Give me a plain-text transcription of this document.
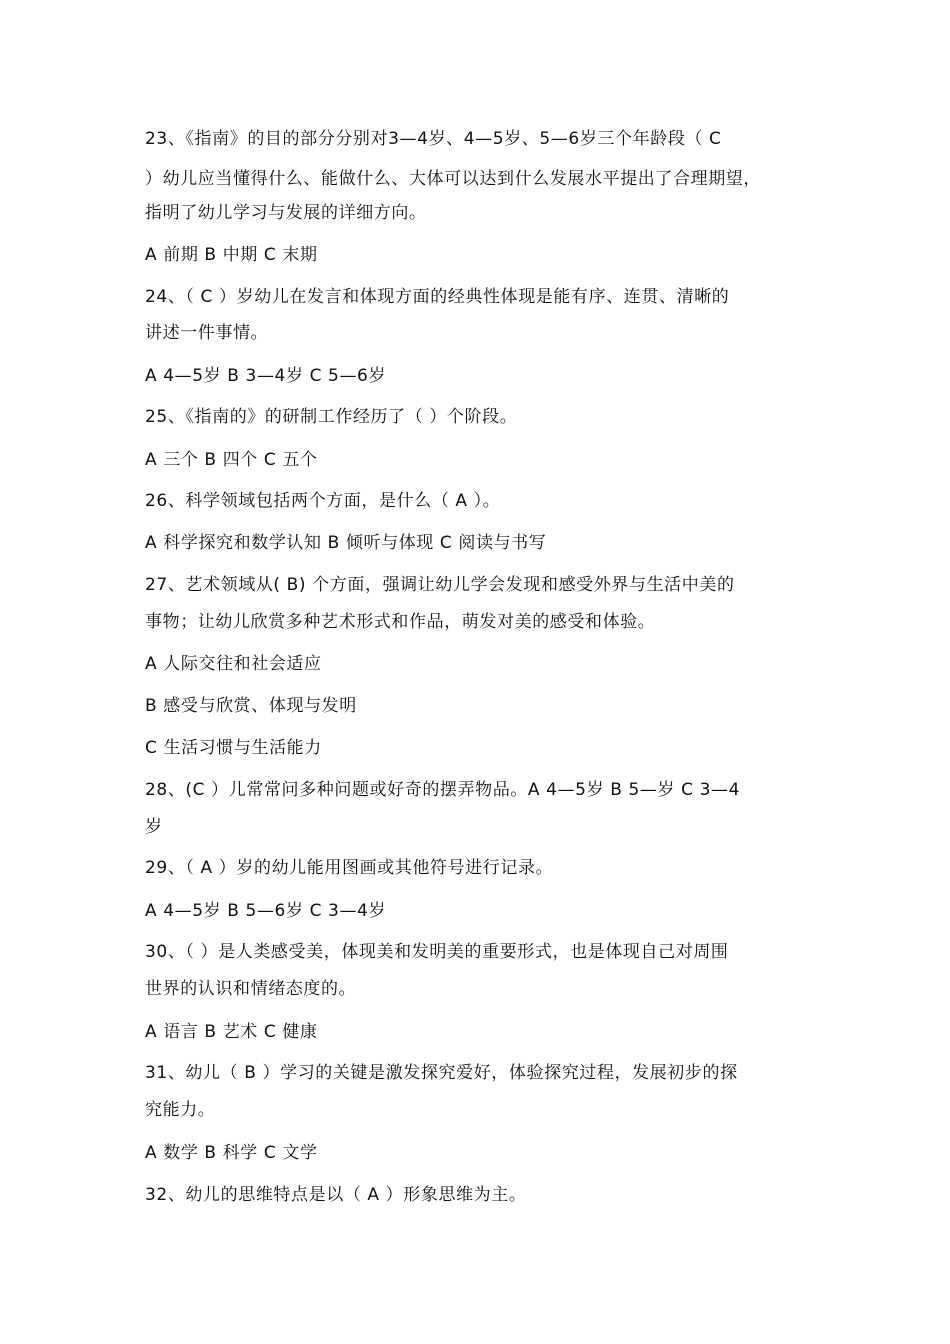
23、《指南》的目的部分分别对3—4岁、4—5岁、5—6岁三个年龄段（ C
）幼儿应当懂得什么、能做什么、大体可以达到什么发展水平提出了合理期望，
指明了幼儿学习与发展的详细方向。
A 前期 B 中期 C 末期
24、（ C ）岁幼儿在发言和体现方面的经典性体现是能有序、连贯、清晰的
讲述一件事情。
A 4—5岁 B 3—4岁 C 5—6岁
25、《指南的》的研制工作经历了（ ）个阶段。
A 三个 B 四个 C 五个
26、科学领域包括两个方面，是什么（ A ）。
A 科学探究和数学认知 B 倾听与体现 C 阅读与书写
27、艺术领域从( B) 个方面，强调让幼儿学会发现和感受外界与生活中美的
事物；让幼儿欣赏多种艺术形式和作品，萌发对美的感受和体验。
A 人际交往和社会适应
B 感受与欣赏、体现与发明
C 生活习惯与生活能力
28、(C ）儿常常问多种问题或好奇的摆弄物品。A 4—5岁 B 5—岁 C 3—4
岁
29、（ A ）岁的幼儿能用图画或其他符号进行记录。
A 4—5岁 B 5—6岁 C 3—4岁
30、（ ）是人类感受美，体现美和发明美的重要形式，也是体现自己对周围
世界的认识和情绪态度的。
A 语言 B 艺术 C 健康
31、幼儿（ B ）学习的关键是激发探究爱好，体验探究过程，发展初步的探
究能力。
A 数学 B 科学 C 文学
32、幼儿的思维特点是以（ A ）形象思维为主。
